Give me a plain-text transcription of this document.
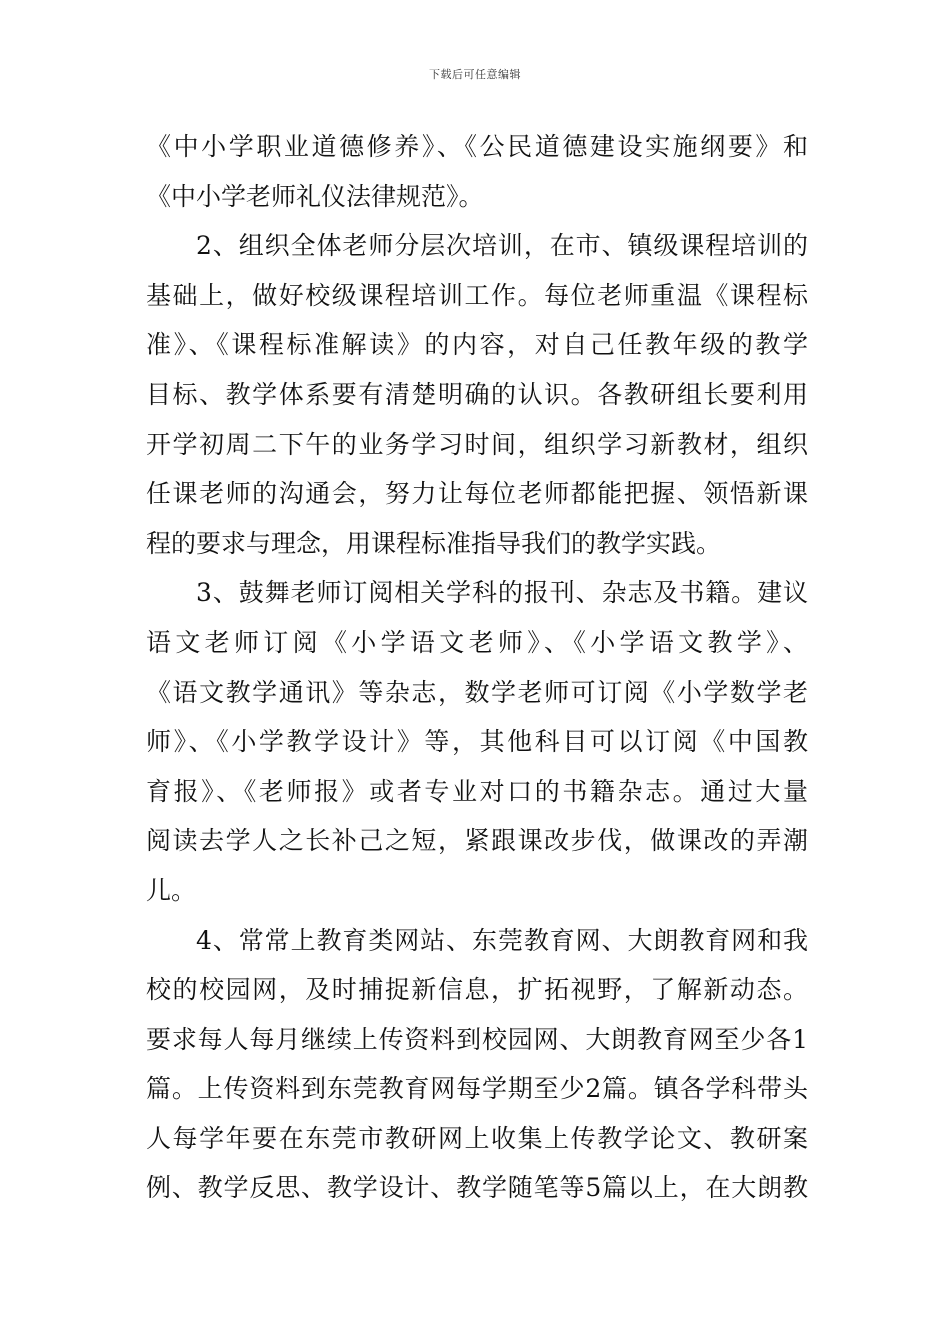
下载后可任意编辑
《中小学职业道德修养》、《公民道德建设实施纲要》和
《中小学老师礼仪法律规范》。
2、组织全体老师分层次培训，在市、镇级课程培训的
基础上，做好校级课程培训工作。每位老师重温《课程标
准》、《课程标准解读》的内容，对自己任教年级的教学
目标、教学体系要有清楚明确的认识。各教研组长要利用
开学初周二下午的业务学习时间，组织学习新教材，组织
任课老师的沟通会，努力让每位老师都能把握、领悟新课
程的要求与理念，用课程标准指导我们的教学实践。
3、鼓舞老师订阅相关学科的报刊、杂志及书籍。建议
语文老师订阅《小学语文老师》、《小学语文教学》、
《语文教学通讯》等杂志，数学老师可订阅《小学数学老
师》、《小学教学设计》等，其他科目可以订阅《中国教
育报》、《老师报》或者专业对口的书籍杂志。通过大量
阅读去学人之长补己之短，紧跟课改步伐，做课改的弄潮
儿。
4、常常上教育类网站、东莞教育网、大朗教育网和我
校的校园网，及时捕捉新信息，扩拓视野，了解新动态。
要求每人每月继续上传资料到校园网、大朗教育网至少各1
篇。上传资料到东莞教育网每学期至少2篇。镇各学科带头
人每学年要在东莞市教研网上收集上传教学论文、教研案
例、教学反思、教学设计、教学随笔等5篇以上，在大朗教
